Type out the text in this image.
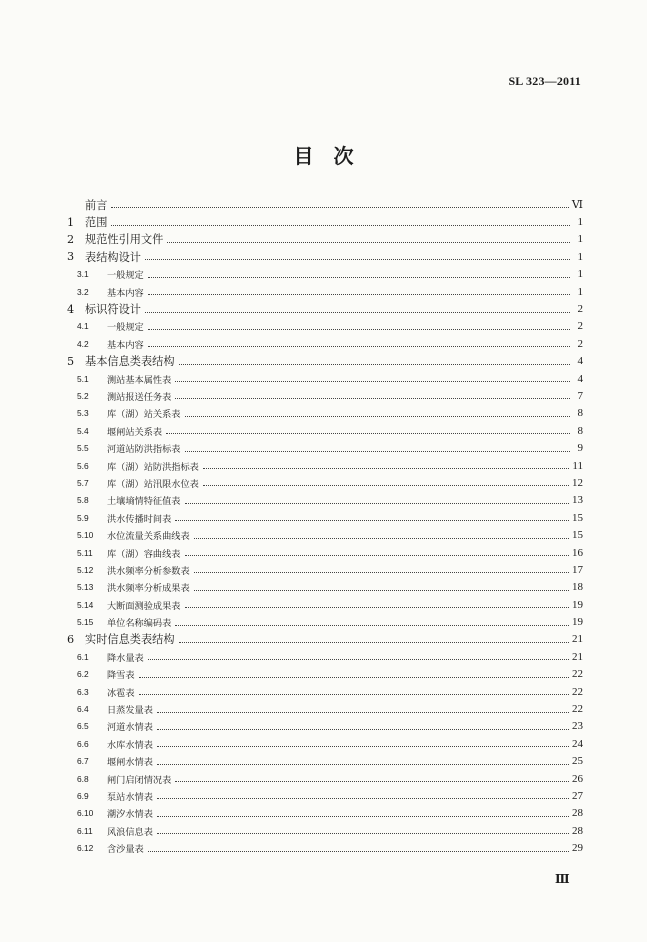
SL 323—2011
目　次
前言	Ⅵ
1 范围	1
2 规范性引用文件	1
3 表结构设计	1
3.1	一般规定	1
3.2	基本内容	1
4 标识符设计	2
4.1	一般规定	2
4.2	基本内容	2
5 基本信息类表结构	4
5.1	测站基本属性表	4
5.2	测站报送任务表	7
5.3	库（湖）站关系表	8
5.4	堰闸站关系表	8
5.5	河道站防洪指标表	9
5.6	库（湖）站防洪指标表	11
5.7	库（湖）站汛限水位表	12
5.8	土壤墒情特征值表	13
5.9	洪水传播时间表	15
5.10	水位流量关系曲线表	15
5.11	库（湖）容曲线表	16
5.12	洪水频率分析参数表	17
5.13	洪水频率分析成果表	18
5.14	大断面测验成果表	19
5.15	单位名称编码表	19
6 实时信息类表结构	21
6.1	降水量表	21
6.2	降雪表	22
6.3	冰雹表	22
6.4	日蒸发量表	22
6.5	河道水情表	23
6.6	水库水情表	24
6.7	堰闸水情表	25
6.8	闸门启闭情况表	26
6.9	泵站水情表	27
6.10	潮汐水情表	28
6.11	风浪信息表	28
6.12	含沙量表	29
Ⅲ
